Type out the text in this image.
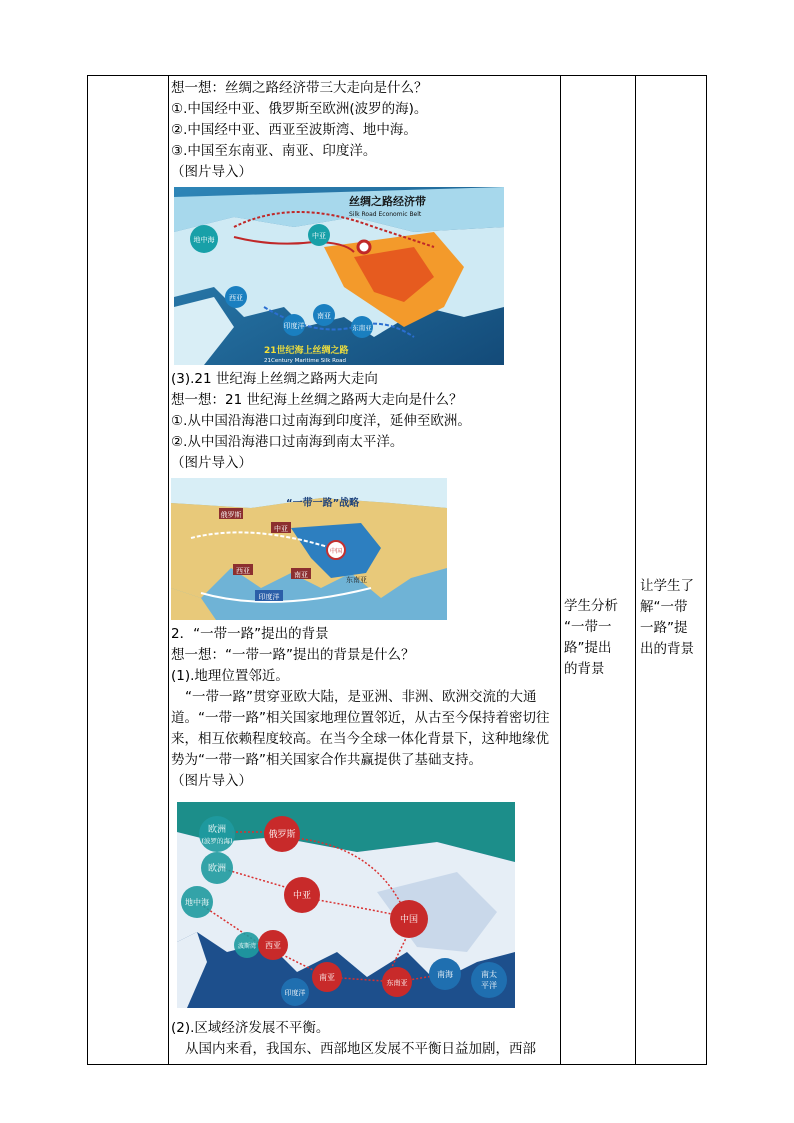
想一想：丝绸之路经济带三大走向是什么？
①.中国经中亚、俄罗斯至欧洲(波罗的海)。
②.中国经中亚、西亚至波斯湾、地中海。
③.中国至东南亚、南亚、印度洋。
（图片导入）
丝绸之路经济带
Silk Road Economic Belt
地中海	中亚
西亚
印度洋
南亚
东南亚
21世纪海上丝绸之路
21Century Maritime Silk Road
(3).21 世纪海上丝绸之路两大走向
想一想：21 世纪海上丝绸之路两大走向是什么？
①.从中国沿海港口过南海到印度洋，延伸至欧洲。
②.从中国沿海港口过南海到南太平洋。
（图片导入）
“一带一路”战略
俄罗斯
中亚
中国
西亚	南亚
印度洋
东南亚
2．“一带一路”提出的背景
想一想：“一带一路”提出的背景是什么？
(1).地理位置邻近。
“一带一路”贯穿亚欧大陆，是亚洲、非洲、欧洲交流的大通道。“一带一路”相关国家地理位置邻近，从古至今保持着密切往来，相互依赖程度较高。在当今全球一体化背景下，这种地缘优势为“一带一路”相关国家合作共赢提供了基础支持。
（图片导入）
欧洲
(波罗的海)
俄罗斯
欧洲
中亚
地中海
中国
波斯湾 西亚
南亚
东南亚
南海	南太
平洋
印度洋
(2).区域经济发展不平衡。
从国内来看，我国东、西部地区发展不平衡日益加剧，西部
学生分析
“一带一
路”提出
的背景
让学生了
解“一带
一路”提
出的背景
